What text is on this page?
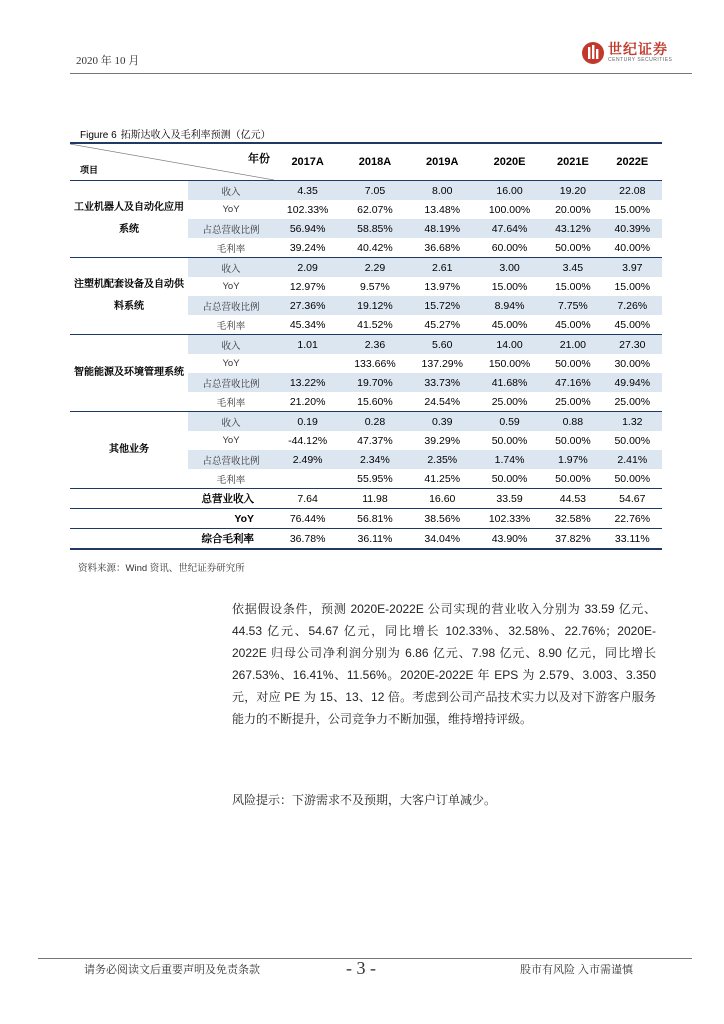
2020 年 10 月
世纪证券
CENTURY SECURITIES
Figure 6 拓斯达收入及毛利率预测（亿元）
年份
项目		2017A	2018A	2019A	2020E	2021E	2022E
工业机器人及自动化应用系统	收入	4.35	7.05	8.00	16.00	19.20	22.08
	YoY	102.33%	62.07%	13.48%	100.00%	20.00%	15.00%
	占总营收比例	56.94%	58.85%	48.19%	47.64%	43.12%	40.39%
	毛利率	39.24%	40.42%	36.68%	60.00%	50.00%	40.00%
注塑机配套设备及自动供料系统	收入	2.09	2.29	2.61	3.00	3.45	3.97
	YoY	12.97%	9.57%	13.97%	15.00%	15.00%	15.00%
	占总营收比例	27.36%	19.12%	15.72%	8.94%	7.75%	7.26%
	毛利率	45.34%	41.52%	45.27%	45.00%	45.00%	45.00%
智能能源及环境管理系统	收入	1.01	2.36	5.60	14.00	21.00	27.30
	YoY		133.66%	137.29%	150.00%	50.00%	30.00%
	占总营收比例	13.22%	19.70%	33.73%	41.68%	47.16%	49.94%
	毛利率	21.20%	15.60%	24.54%	25.00%	25.00%	25.00%
其他业务	收入	0.19	0.28	0.39	0.59	0.88	1.32
	YoY	-44.12%	47.37%	39.29%	50.00%	50.00%	50.00%
	占总营收比例	2.49%	2.34%	2.35%	1.74%	1.97%	2.41%
	毛利率		55.95%	41.25%	50.00%	50.00%	50.00%
总营业收入		7.64	11.98	16.60	33.59	44.53	54.67
YoY		76.44%	56.81%	38.56%	102.33%	32.58%	22.76%
综合毛利率		36.78%	36.11%	34.04%	43.90%	37.82%	33.11%
资料来源：Wind 资讯、世纪证券研究所
依据假设条件，预测 2020E-2022E 公司实现的营业收入分别为 33.59 亿元、44.53 亿元、54.67 亿元，同比增长 102.33%、32.58%、22.76%；2020E-2022E 归母公司净利润分别为 6.86 亿元、7.98 亿元、8.90 亿元，同比增长 267.53%、16.41%、11.56%。2020E-2022E 年 EPS 为 2.579、3.003、3.350 元，对应 PE 为 15、13、12 倍。考虑到公司产品技术实力以及对下游客户服务能力的不断提升，公司竞争力不断加强，维持增持评级。
风险提示：下游需求不及预期，大客户订单减少。
请务必阅读文后重要声明及免责条款	- 3 -	股市有风险 入市需谨慎
